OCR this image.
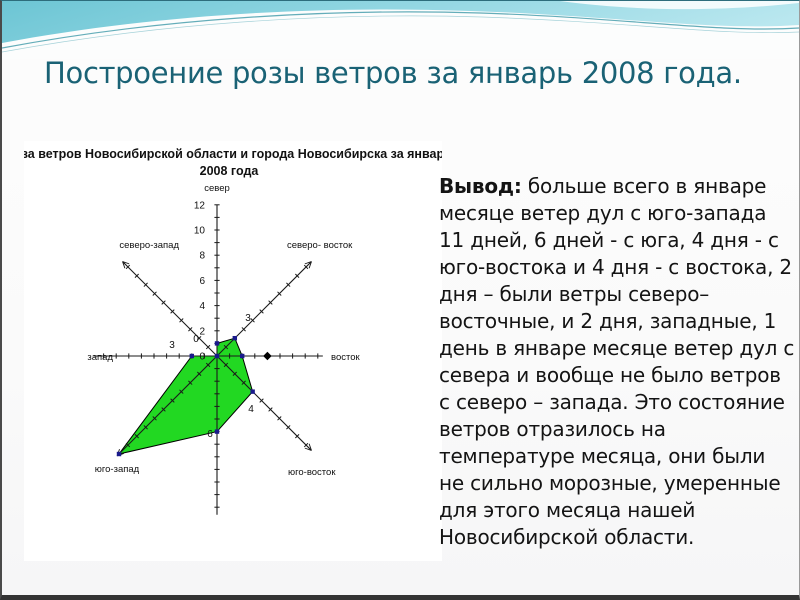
Построение розы ветров за январь 2008 года.
Роза ветров Новосибирской области и города Новосибирска за январь
2008 года
север
северо- восток
восток
юго-восток
юго-запад
запад
северо-запад
0
2
4
6
8
10
12
0
3
3
4
6
Вывод: больше всего в январе месяце ветер дул с юго-запада 11 дней, 6 дней - с юга, 4 дня - с юго-востока и 4 дня - с востока, 2 дня – были ветры северо–восточные, и 2 дня, западные, 1 день в январе месяце ветер дул с севера и вообще не было ветров с северо – запада. Это состояние ветров отразилось на температуре месяца, они были не сильно морозные, умеренные для этого месяца нашей Новосибирской области.
